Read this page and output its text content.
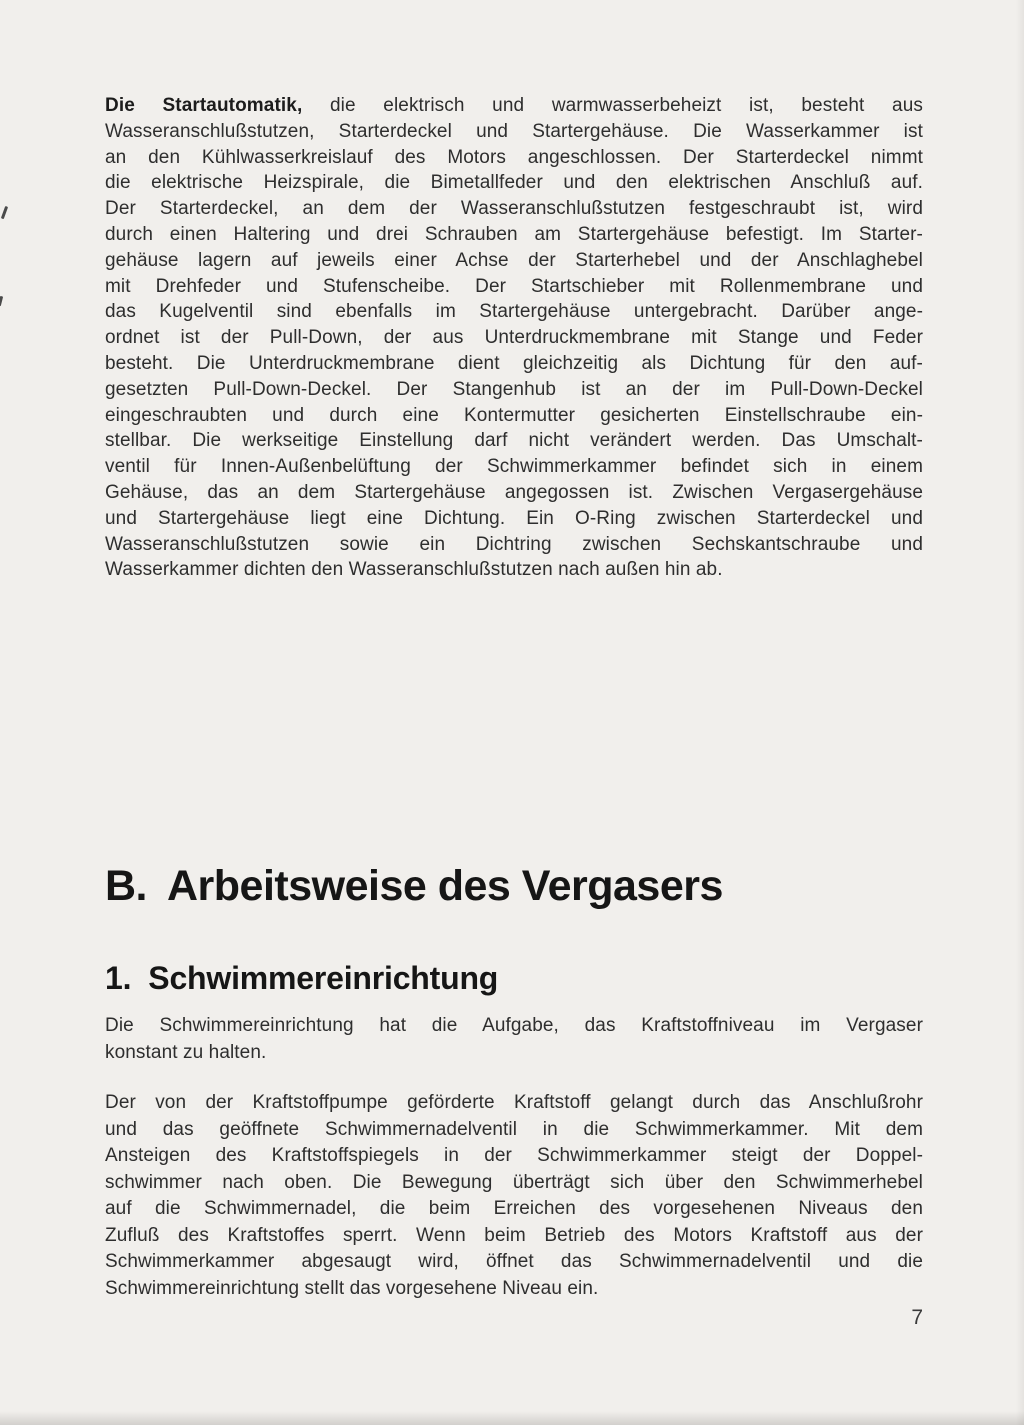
Die Startautomatik, die elektrisch und warmwasserbeheizt ist, besteht aus
Wasseranschlußstutzen, Starterdeckel und Startergehäuse. Die Wasserkammer ist
an den Kühlwasserkreislauf des Motors angeschlossen. Der Starterdeckel nimmt
die elektrische Heizspirale, die Bimetallfeder und den elektrischen Anschluß auf.
Der Starterdeckel, an dem der Wasseranschlußstutzen festgeschraubt ist, wird
durch einen Haltering und drei Schrauben am Startergehäuse befestigt. Im Starter-
gehäuse lagern auf jeweils einer Achse der Starterhebel und der Anschlaghebel
mit Drehfeder und Stufenscheibe. Der Startschieber mit Rollenmembrane und
das Kugelventil sind ebenfalls im Startergehäuse untergebracht. Darüber ange-
ordnet ist der Pull-Down, der aus Unterdruckmembrane mit Stange und Feder
besteht. Die Unterdruckmembrane dient gleichzeitig als Dichtung für den auf-
gesetzten Pull-Down-Deckel. Der Stangenhub ist an der im Pull-Down-Deckel
eingeschraubten und durch eine Kontermutter gesicherten Einstellschraube ein-
stellbar. Die werkseitige Einstellung darf nicht verändert werden. Das Umschalt-
ventil für Innen-Außenbelüftung der Schwimmerkammer befindet sich in einem
Gehäuse, das an dem Startergehäuse angegossen ist. Zwischen Vergasergehäuse
und Startergehäuse liegt eine Dichtung. Ein O-Ring zwischen Starterdeckel und
Wasseranschlußstutzen sowie ein Dichtring zwischen Sechskantschraube und
Wasserkammer dichten den Wasseranschlußstutzen nach außen hin ab.
B. Arbeitsweise des Vergasers
1. Schwimmereinrichtung
Die Schwimmereinrichtung hat die Aufgabe, das Kraftstoffniveau im Vergaser
konstant zu halten.
Der von der Kraftstoffpumpe geförderte Kraftstoff gelangt durch das Anschlußrohr
und das geöffnete Schwimmernadelventil in die Schwimmerkammer. Mit dem
Ansteigen des Kraftstoffspiegels in der Schwimmerkammer steigt der Doppel-
schwimmer nach oben. Die Bewegung überträgt sich über den Schwimmerhebel
auf die Schwimmernadel, die beim Erreichen des vorgesehenen Niveaus den
Zufluß des Kraftstoffes sperrt. Wenn beim Betrieb des Motors Kraftstoff aus der
Schwimmerkammer abgesaugt wird, öffnet das Schwimmernadelventil und die
Schwimmereinrichtung stellt das vorgesehene Niveau ein.
7
